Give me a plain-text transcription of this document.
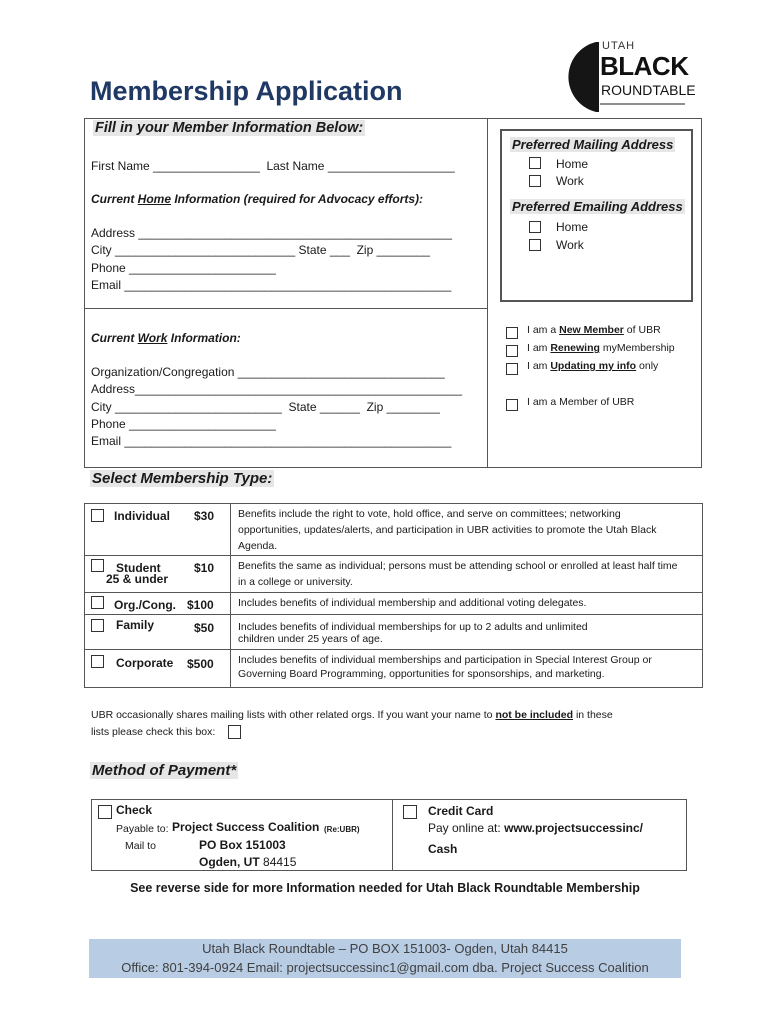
Membership Application
UTAH
BLACK
ROUNDTABLE
Fill in your Member Information Below:
First Name ________________  Last Name ___________________
Current Home Information (required for Advocacy efforts):
Address _______________________________________________
City ___________________________ State ___  Zip ________
Phone ______________________
Email _________________________________________________
Current Work Information:
Organization/Congregation _______________________________
Address_________________________________________________
City _________________________  State ______  Zip ________
Phone ______________________
Email _________________________________________________
Preferred Mailing Address
Home
Work
Preferred Emailing Address
Home
Work
I am a New Member of UBR
I am Renewing myMembership
I am Updating my info only
I am a Member of UBR
Select Membership Type:
Individual $30 Benefits include the right to vote, hold office, and serve on committees; networking opportunities, updates/alerts, and participation in UBR activities to promote the Utah Black Agenda.
Student
25 & under
$10 Benefits the same as individual; persons must be attending school or enrolled at least half time in a college or university.
Org./Cong. $100 Includes benefits of individual membership and additional voting delegates.
Family	$50 Includes benefits of individual memberships for up to 2 adults and unlimited children under 25 years of age.
Corporate $500 Includes benefits of individual memberships and participation in Special Interest Group or Governing Board Programming, opportunities for sponsorships, and marketing.
UBR occasionally shares mailing lists with other related orgs. If you want your name to not be included in these
lists please check this box:
Method of Payment*
Check
Payable to: Project Success Coalition (Re:UBR)
Mail to	PO Box 151003
Ogden, UT 84415
Credit Card
Pay online at: www.projectsuccessinc/
Cash
See reverse side for more Information needed for Utah Black Roundtable Membership
Utah Black Roundtable – PO BOX 151003- Ogden, Utah 84415
Office: 801-394-0924 Email: projectsuccessinc1@gmail.com dba. Project Success Coalition
